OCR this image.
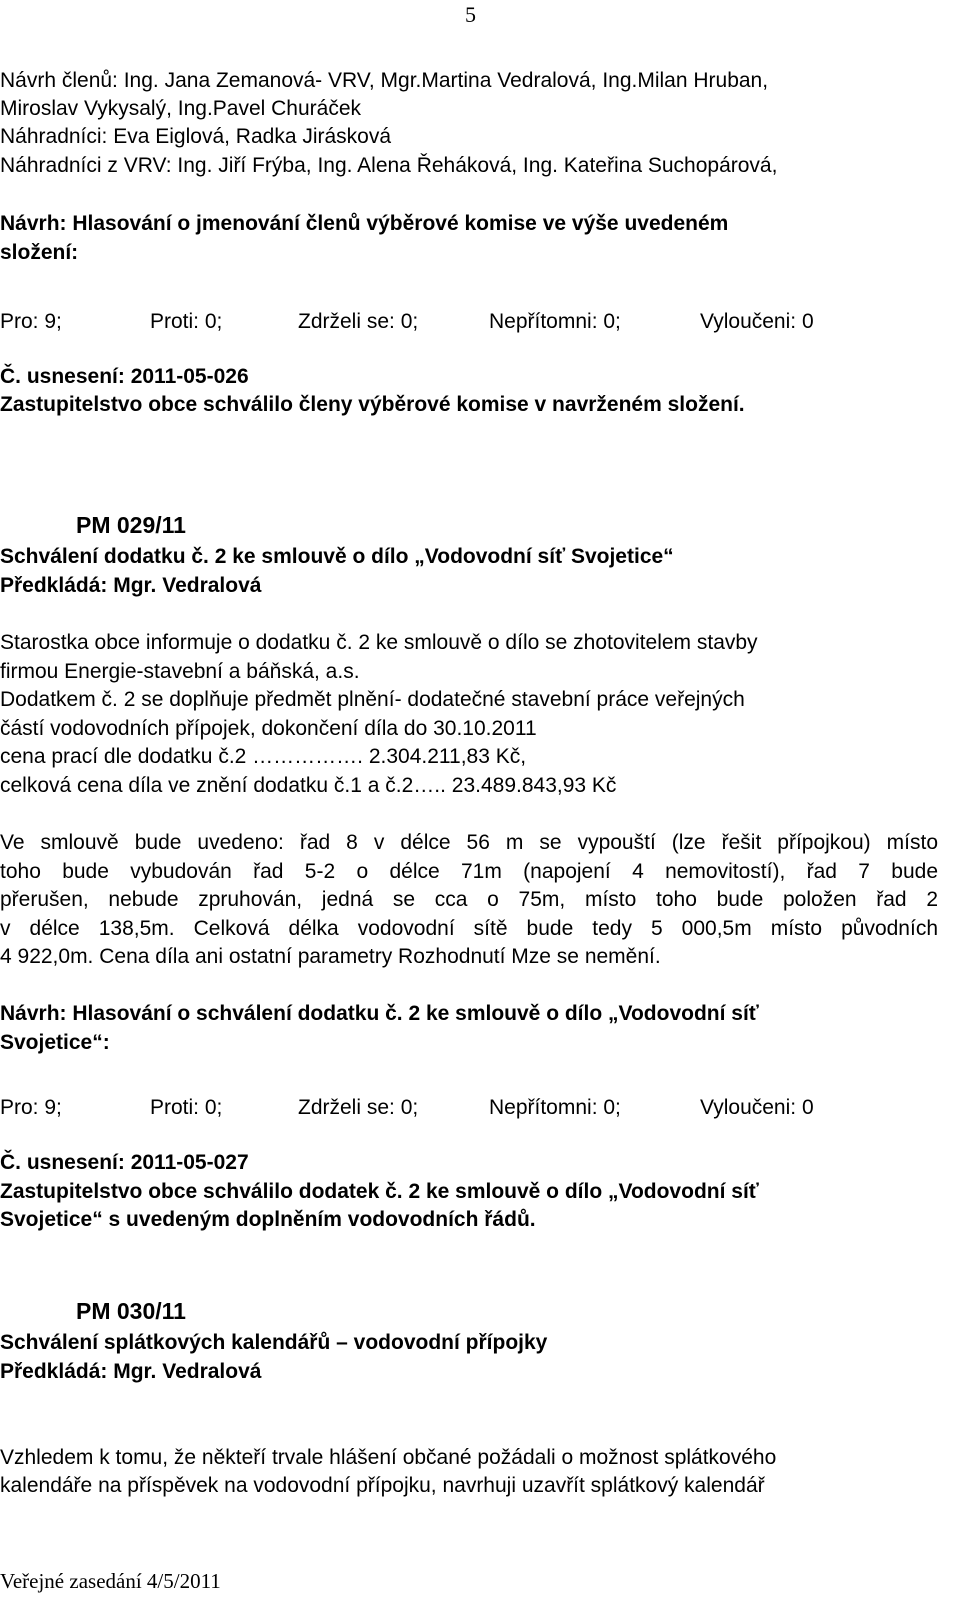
5
Návrh členů: Ing. Jana Zemanová- VRV, Mgr.Martina Vedralová, Ing.Milan Hruban,
Miroslav Vykysalý, Ing.Pavel Churáček
Náhradníci: Eva Eiglová, Radka Jirásková
Náhradníci z VRV: Ing. Jiří Frýba, Ing. Alena Řeháková, Ing. Kateřina Suchopárová,
Návrh: Hlasování o jmenování členů výběrové komise ve výše uvedeném
složení:
Pro: 9;	Proti: 0;	Zdrželi se: 0;	Nepřítomni: 0;	Vyloučeni: 0
Č. usnesení: 2011-05-026
Zastupitelstvo obce schválilo členy výběrové komise v navrženém složení.
PM 029/11
Schválení dodatku č. 2 ke smlouvě o dílo „Vodovodní síť Svojetice“
Předkládá: Mgr. Vedralová
Starostka obce informuje o dodatku č. 2 ke smlouvě o dílo se zhotovitelem stavby
firmou Energie-stavební a báňská, a.s.
Dodatkem č. 2 se doplňuje předmět plnění- dodatečné stavební práce veřejných
částí vodovodních přípojek, dokončení díla do 30.10.2011
cena prací dle dodatku č.2 ……………. 2.304.211,83 Kč,
celková cena díla ve znění dodatku č.1 a č.2….. 23.489.843,93 Kč
Ve smlouvě bude uvedeno: řad 8 v délce 56 m se vypouští (lze řešit přípojkou) místo
toho bude vybudován řad 5-2 o délce 71m (napojení 4 nemovitostí), řad 7 bude
přerušen, nebude zpruhován, jedná se cca o 75m, místo toho bude položen řad 2
v délce 138,5m. Celková délka vodovodní sítě bude tedy 5 000,5m místo původních
4 922,0m. Cena díla ani ostatní parametry Rozhodnutí Mze se nemění.
Návrh: Hlasování o schválení dodatku č. 2 ke smlouvě o dílo „Vodovodní síť
Svojetice“:
Pro: 9;	Proti: 0;	Zdrželi se: 0;	Nepřítomni: 0;	Vyloučeni: 0
Č. usnesení: 2011-05-027
Zastupitelstvo obce schválilo dodatek č. 2 ke smlouvě o dílo „Vodovodní síť
Svojetice“ s uvedeným doplněním vodovodních řádů.
PM 030/11
Schválení splátkových kalendářů – vodovodní přípojky
Předkládá: Mgr. Vedralová
Vzhledem k tomu, že někteří trvale hlášení občané požádali o možnost splátkového
kalendáře na příspěvek na vodovodní přípojku, navrhuji uzavřít splátkový kalendář
Veřejné zasedání 4/5/2011
